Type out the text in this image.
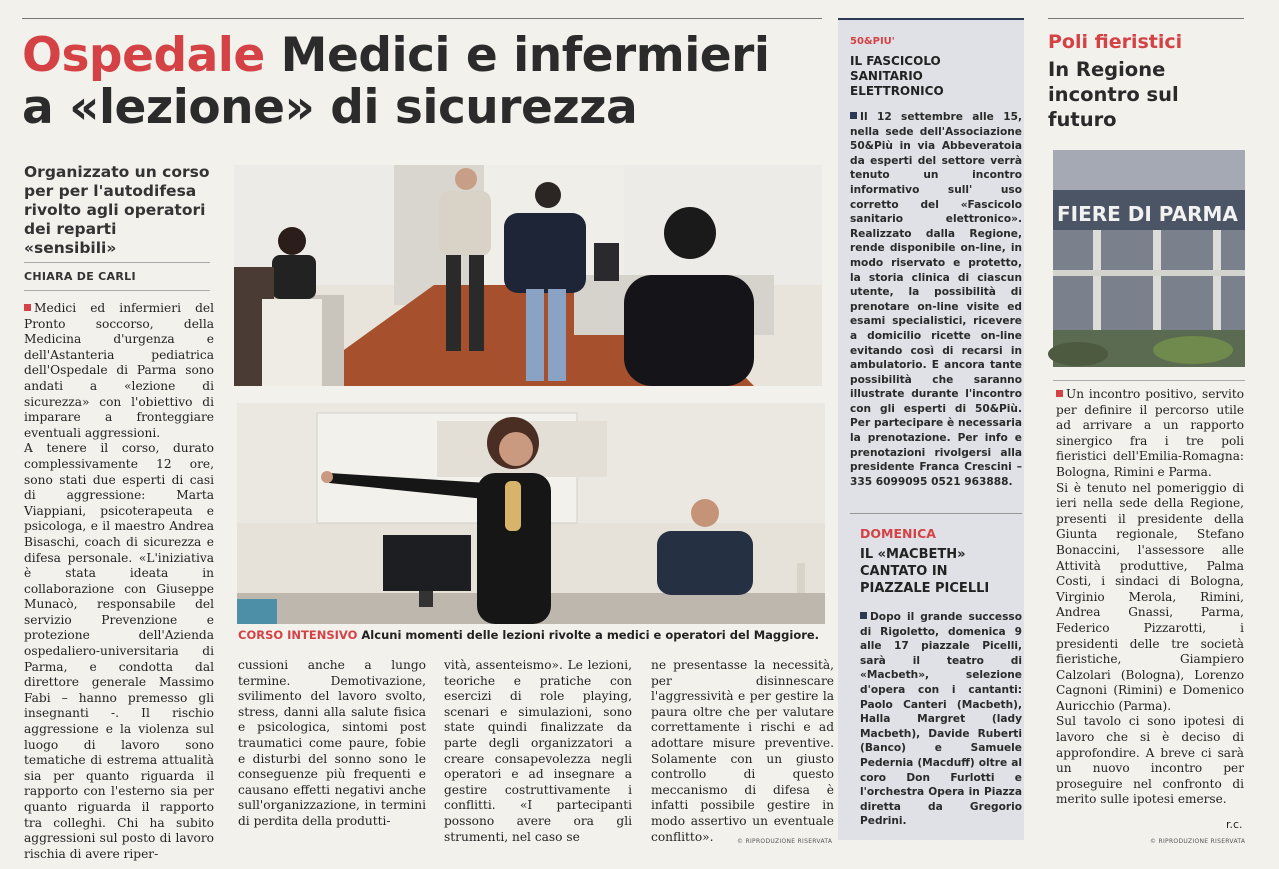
Ospedale Medici e infermieri
a «lezione» di sicurezza
Organizzato un corso per per l'autodifesa rivolto agli operatori dei reparti «sensibili»
CHIARA DE CARLI

Medici ed infermieri del Pronto soccorso, della Medicina d'urgenza e dell'Astanteria pediatrica dell'Ospedale di Parma sono andati a «lezione di sicurezza» con l'obiettivo di imparare a fronteggiare eventuali aggressioni.

A tenere il corso, durato complessivamente 12 ore, sono stati due esperti di casi di aggressione: Marta Viappiani, psicoterapeuta e psicologa, e il maestro Andrea Bisaschi, coach di sicurezza e difesa personale. «L'iniziativa è stata ideata in collaborazione con Giuseppe Munacò, responsabile del servizio Prevenzione e protezione dell'Azienda ospedaliero-universitaria di Parma, e condotta dal direttore generale Massimo Fabi – hanno premesso gli insegnanti -. Il rischio aggressione e la violenza sul luogo di lavoro sono tematiche di estrema attualità sia per quanto riguarda il rapporto con l'esterno sia per quanto riguarda il rapporto tra colleghi. Chi ha subito aggressioni sul posto di lavoro rischia di avere riper-

CORSO INTENSIVO Alcuni momenti delle lezioni rivolte a medici e operatori del Maggiore.
cussioni anche a lungo termine. Demotivazione, svilimento del lavoro svolto, stress, danni alla salute fisica e psicologica, sintomi post traumatici come paure, fobie e disturbi del sonno sono le conseguenze più frequenti e causano effetti negativi anche sull'organizzazione, in termini di perdita della produtti-
vità, assenteismo». Le lezioni, teoriche e pratiche con esercizi di role playing, scenari e simulazioni, sono state quindi finalizzate da parte degli organizzatori a creare consapevolezza negli operatori e ad insegnare a gestire costruttivamente i conflitti. «I partecipanti possono avere ora gli strumenti, nel caso se
ne presentasse la necessità, per disinnescare l'aggressività e per gestire la paura oltre che per valutare correttamente i rischi e ad adottare misure preventive. Solamente con un giusto controllo di questo meccanismo di difesa è infatti possibile gestire in modo assertivo un eventuale conflitto».	© RIPRODUZIONE RISERVATA
50&PIU'
IL FASCICOLO SANITARIO ELETTRONICO
Il 12 settembre alle 15, nella sede dell'Associazione 50&Più in via Abbeveratoia da esperti del settore verrà tenuto un incontro informativo sull' uso corretto del «Fascicolo sanitario elettronico». Realizzato dalla Regione, rende disponibile on-line, in modo riservato e protetto, la storia clinica di ciascun utente, la possibilità di prenotare on-line visite ed esami specialistici, ricevere a domicilio ricette on-line evitando così di recarsi in ambulatorio. E ancora tante possibilità che saranno illustrate durante l'incontro con gli esperti di 50&Più. Per partecipare è necessaria la prenotazione. Per info e prenotazioni rivolgersi alla presidente Franca Crescini – 335 6099095 0521 963888.
DOMENICA
IL «MACBETH» CANTATO IN PIAZZALE PICELLI
Dopo il grande successo di Rigoletto, domenica 9 alle 17 piazzale Picelli, sarà il teatro di «Macbeth», selezione d'opera con i cantanti: Paolo Canteri (Macbeth), Halla Margret (lady Macbeth), Davide Ruberti (Banco) e Samuele Pedernia (Macduff) oltre al coro Don Furlotti e l'orchestra Opera in Piazza diretta da Gregorio Pedrini.
Poli fieristici
In Regione incontro sul futuro
FIERE DI PARMA

Un incontro positivo, servito per definire il percorso utile ad arrivare a un rapporto sinergico fra i tre poli fieristici dell'Emilia-Romagna: Bologna, Rimini e Parma.

Si è tenuto nel pomeriggio di ieri nella sede della Regione, presenti il presidente della Giunta regionale, Stefano Bonaccini, l'assessore alle Attività produttive, Palma Costi, i sindaci di Bologna, Virginio Merola, Rimini, Andrea Gnassi, Parma, Federico Pizzarotti, i presidenti delle tre società fieristiche, Giampiero Calzolari (Bologna), Lorenzo Cagnoni (Rimini) e Domenico Auricchio (Parma).

Sul tavolo ci sono ipotesi di lavoro che si è deciso di approfondire. A breve ci sarà un nuovo incontro per proseguire nel confronto di merito sulle ipotesi emerse.

r.c.
© RIPRODUZIONE RISERVATA
